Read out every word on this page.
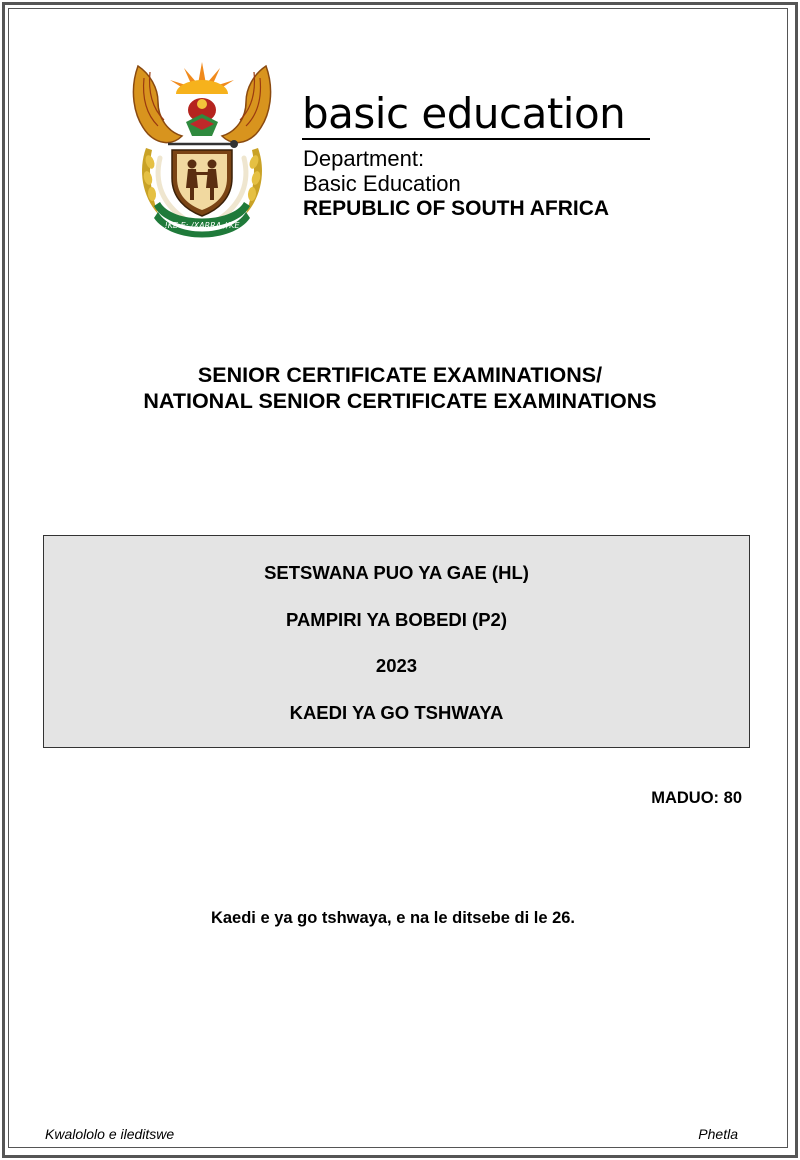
!KE E: /XARRA //KE
basic education
Department:
Basic Education
REPUBLIC OF SOUTH AFRICA
SENIOR CERTIFICATE EXAMINATIONS/
NATIONAL SENIOR CERTIFICATE EXAMINATIONS
SETSWANA PUO YA GAE (HL)
PAMPIRI YA BOBEDI (P2)
2023
KAEDI YA GO TSHWAYA
MADUO: 80
Kaedi e ya go tshwaya, e na le ditsebe di le 26.
Kwalololo e ileditswe	Phetla
